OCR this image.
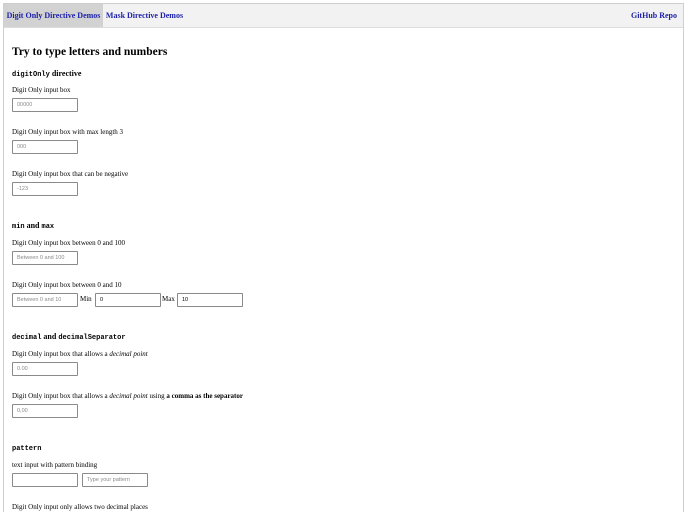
Digit Only Directive Demos Mask Directive Demos	GitHub Repo
Try to type letters and numbers
digitOnly directive
Digit Only input box
00000
Digit Only input box with max length 3
000
Digit Only input box that can be negative
-123
min and max
Digit Only input box between 0 and 100
Between 0 and 100
Digit Only input box between 0 and 10
Between 0 and 10
Min
0	Max
10
decimal and decimalSeparator
Digit Only input box that allows a decimal point
0.00
Digit Only input box that allows a decimal point using a comma as the separator
0,00
pattern
text input with pattern binding
Type your pattern
Digit Only input only allows two decimal places
